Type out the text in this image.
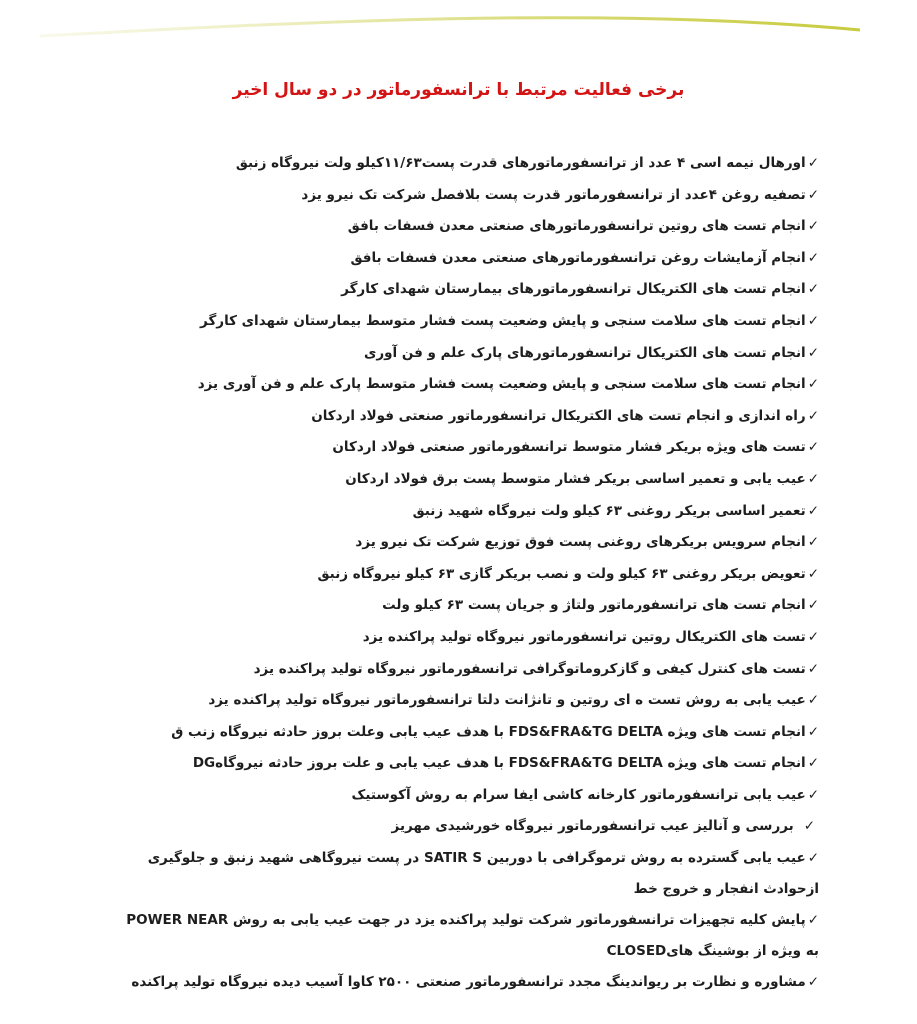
برخی فعالیت مرتبط با ترانسفورماتور در دو سال اخیر
✓اورهال نیمه اسی ۴ عدد از ترانسفورماتورهای قدرت پست۱۱/۶۳کیلو ولت نیروگاه زنبق
✓تصفیه روغن ۴عدد از ترانسفورماتور قدرت پست بلافصل شرکت تک نیرو یزد
✓انجام تست های روتین ترانسفورماتورهای صنعتی معدن فسفات بافق
✓انجام آزمایشات روغن ترانسفورماتورهای صنعتی معدن فسفات بافق
✓انجام تست های الکتریکال ترانسفورماتورهای بیمارستان شهدای کارگر
✓انجام تست های سلامت سنجی و پایش وضعیت پست فشار متوسط بیمارستان شهدای کارگر
✓انجام تست های الکتریکال ترانسفورماتورهای پارک علم و فن آوری
✓انجام تست های سلامت سنجی و پایش وضعیت پست فشار متوسط پارک علم و فن آوری یزد
✓راه اندازی و انجام تست های الکتریکال ترانسفورماتور صنعتی فولاد اردکان
✓تست های ویژه بریکر فشار متوسط ترانسفورماتور صنعتی فولاد اردکان
✓عیب یابی و تعمیر اساسی بریکر فشار متوسط پست برق فولاد اردکان
✓تعمیر اساسی بریکر روغنی ۶۳ کیلو ولت نیروگاه شهید زنبق
✓انجام سرویس بریکرهای روغنی پست فوق توزیع شرکت تک نیرو یزد
✓تعویض بریکر روغنی ۶۳ کیلو ولت و نصب بریکر گازی ۶۳ کیلو نیروگاه زنبق
✓انجام تست های ترانسفورماتور ولتاژ و جریان پست ۶۳ کیلو ولت
✓تست های الکتریکال روتین ترانسفورماتور نیروگاه تولید پراکنده یزد
✓تست های کنترل کیفی و گازکروماتوگرافی ترانسفورماتور نیروگاه تولید پراکنده یزد
✓عیب یابی به روش تست ه ای روتین و تانژانت دلتا ترانسفورماتور نیروگاه تولید پراکنده یزد
✓انجام تست های ویژه FDS&FRA&TG DELTA با هدف عیب یابی وعلت بروز حادثه نیروگاه زنب ق
✓انجام تست های ویژه FDS&FRA&TG DELTA با هدف عیب یابی و علت بروز حادثه نیروگاهDG
✓عیب یابی ترانسفورماتور کارخانه کاشی ایفا سرام به روش آکوستیک
✓بررسی و آنالیز عیب ترانسفورماتور نیروگاه خورشیدی مهریز
✓عیب یابی گسترده به روش ترموگرافی با دوربین SATIR S در پست نیروگاهی شهید زنبق و جلوگیری ازحوادث انفجار و خروج خط
✓پایش کلیه تجهیزات ترانسفورماتور شرکت تولید پراکنده یزد در جهت عیب یابی به روش POWER NEAR به ویژه از بوشینگ هایCLOSED
✓مشاوره و نظارت بر ریواندینگ مجدد ترانسفورماتور صنعتی ۲۵۰۰ کاوا آسیب دیده نیروگاه تولید پراکنده
